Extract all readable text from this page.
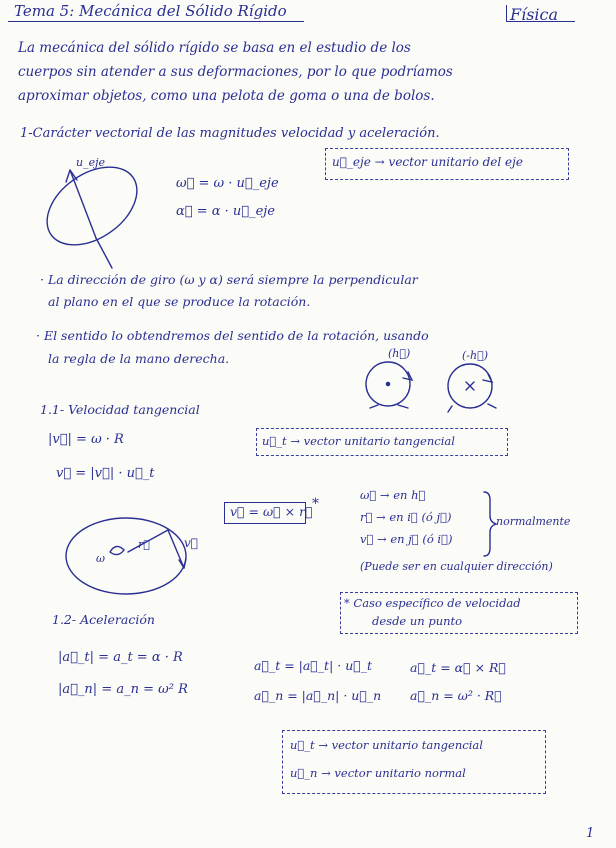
Tema 5: Mecánica del Sólido Rígido	Física
La mecánica del sólido rígido se basa en el estudio de los
cuerpos sin atender a sus deformaciones, por lo que podríamos
aproximar objetos, como una pelota de goma o una de bolos.
1-Carácter vectorial de las magnitudes velocidad y aceleración.
u_eje
ω⃗ = ω · u⃗_eje
α⃗ = α · u⃗_eje
u⃗_eje → vector unitario del eje
· La dirección de giro (ω y α) será siempre la perpendicular
al plano en el que se produce la rotación.
· El sentido lo obtendremos del sentido de la rotación, usando
la regla de la mano derecha.	(h⃗)	(-h⃗)
1.1- Velocidad tangencial
|v⃗| = ω · R
v⃗ = |v⃗| · u⃗_t
u⃗_t → vector unitario tangencial
v⃗ = ω⃗ × r⃗ *
ω⃗ → en h⃗
r⃗ → en i⃗ (ó j⃗)
v⃗ → en j⃗ (ó i⃗)
normalmente
(Puede ser en cualquier dirección)
ω
r⃗	v⃗
* Caso específico de velocidad
desde un punto
1.2- Aceleración
|a⃗_t| = a_t = α · R
|a⃗_n| = a_n = ω² R
a⃗_t = |a⃗_t| · u⃗_t
a⃗_n = |a⃗_n| · u⃗_n
a⃗_t = α⃗ × R⃗
a⃗_n = ω² · R⃗
u⃗_t → vector unitario tangencial
u⃗_n → vector unitario normal
1
